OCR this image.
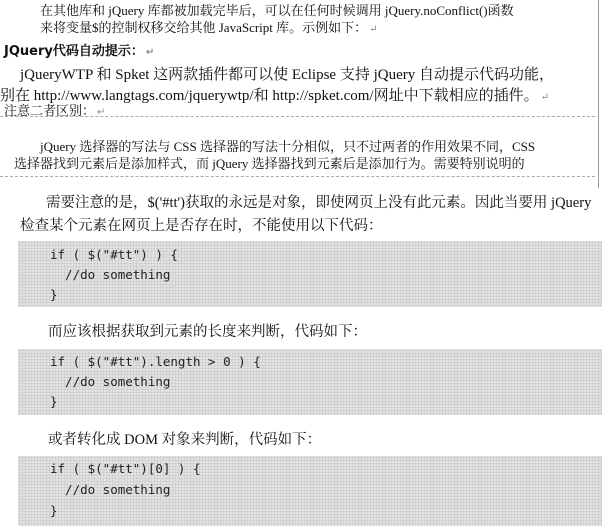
在其他库和 jQuery 库都被加载完毕后，可以在任何时候调用 jQuery.noConflict()函数
来将变量$的控制权移交给其他 JavaScript 库。示例如下： ↵
JQuery代码自动提示： ↵
jQueryWTP 和 Spket 这两款插件都可以使 Eclipse 支持 jQuery 自动提示代码功能，
别在 http://www.langtags.com/jquerywtp/和 http://spket.com/网址中下载相应的插件。 ↵
注意二者区别： ↵
jQuery 选择器的写法与 CSS 选择器的写法十分相似，只不过两者的作用效果不同，CSS
选择器找到元素后是添加样式，而 jQuery 选择器找到元素后是添加行为。需要特别说明的
需要注意的是，$('#tt')获取的永远是对象，即使网页上没有此元素。因此当要用 jQuery
检查某个元素在网页上是否存在时，不能使用以下代码：
if ( $("#tt") ) {
//do something
}
而应该根据获取到元素的长度来判断，代码如下：
if ( $("#tt").length > 0 ) {
//do something
}
或者转化成 DOM 对象来判断，代码如下：
if ( $("#tt")[0] ) {
//do something
}
